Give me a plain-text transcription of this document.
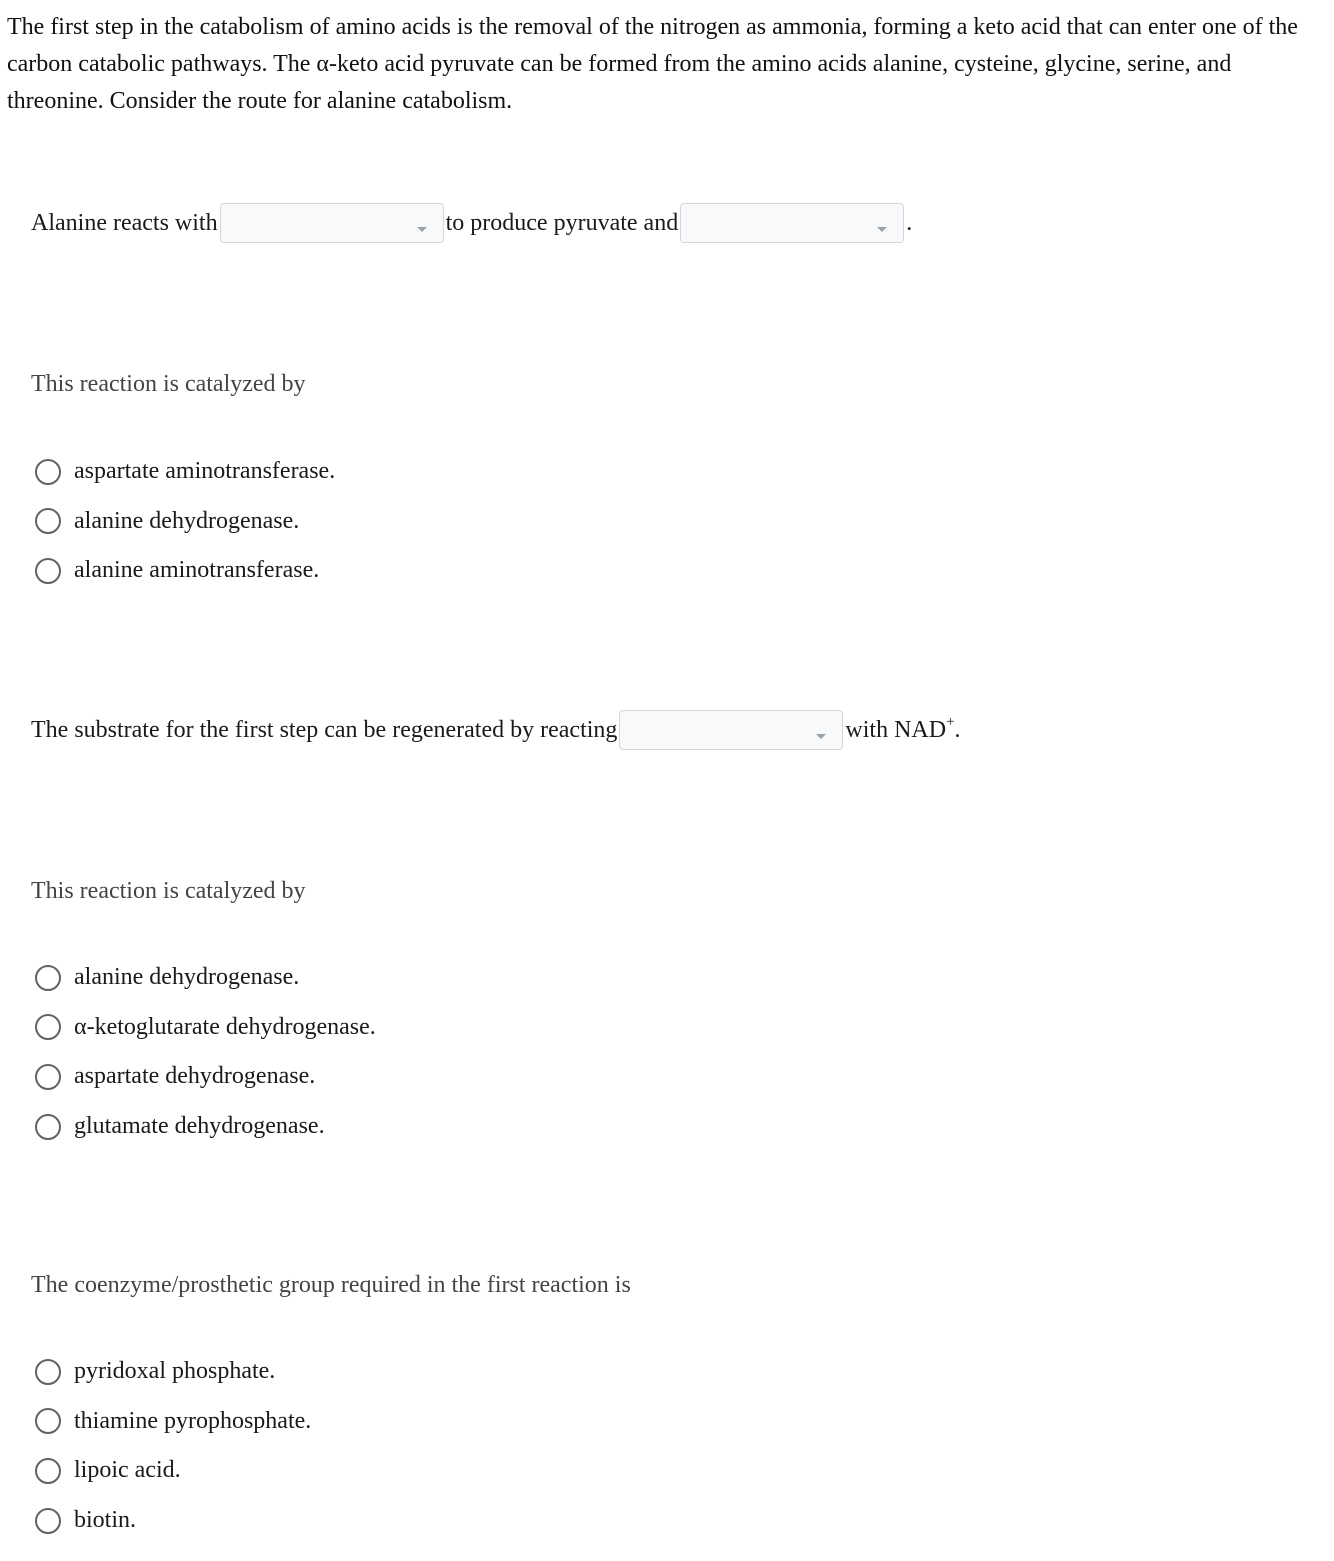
The first step in the catabolism of amino acids is the removal of the nitrogen as ammonia, forming a keto acid that can enter one of the carbon catabolic pathways. The α-keto acid pyruvate can be formed from the amino acids alanine, cysteine, glycine, serine, and threonine. Consider the route for alanine catabolism.

Alanine reacts with	to produce pyruvate and	.
This reaction is catalyzed by
aspartate aminotransferase.
alanine dehydrogenase.
alanine aminotransferase.
The substrate for the first step can be regenerated by reacting	with NAD+.
This reaction is catalyzed by
alanine dehydrogenase.
α-ketoglutarate dehydrogenase.
aspartate dehydrogenase.
glutamate dehydrogenase.
The coenzyme/prosthetic group required in the first reaction is
pyridoxal phosphate.
thiamine pyrophosphate.
lipoic acid.
biotin.
